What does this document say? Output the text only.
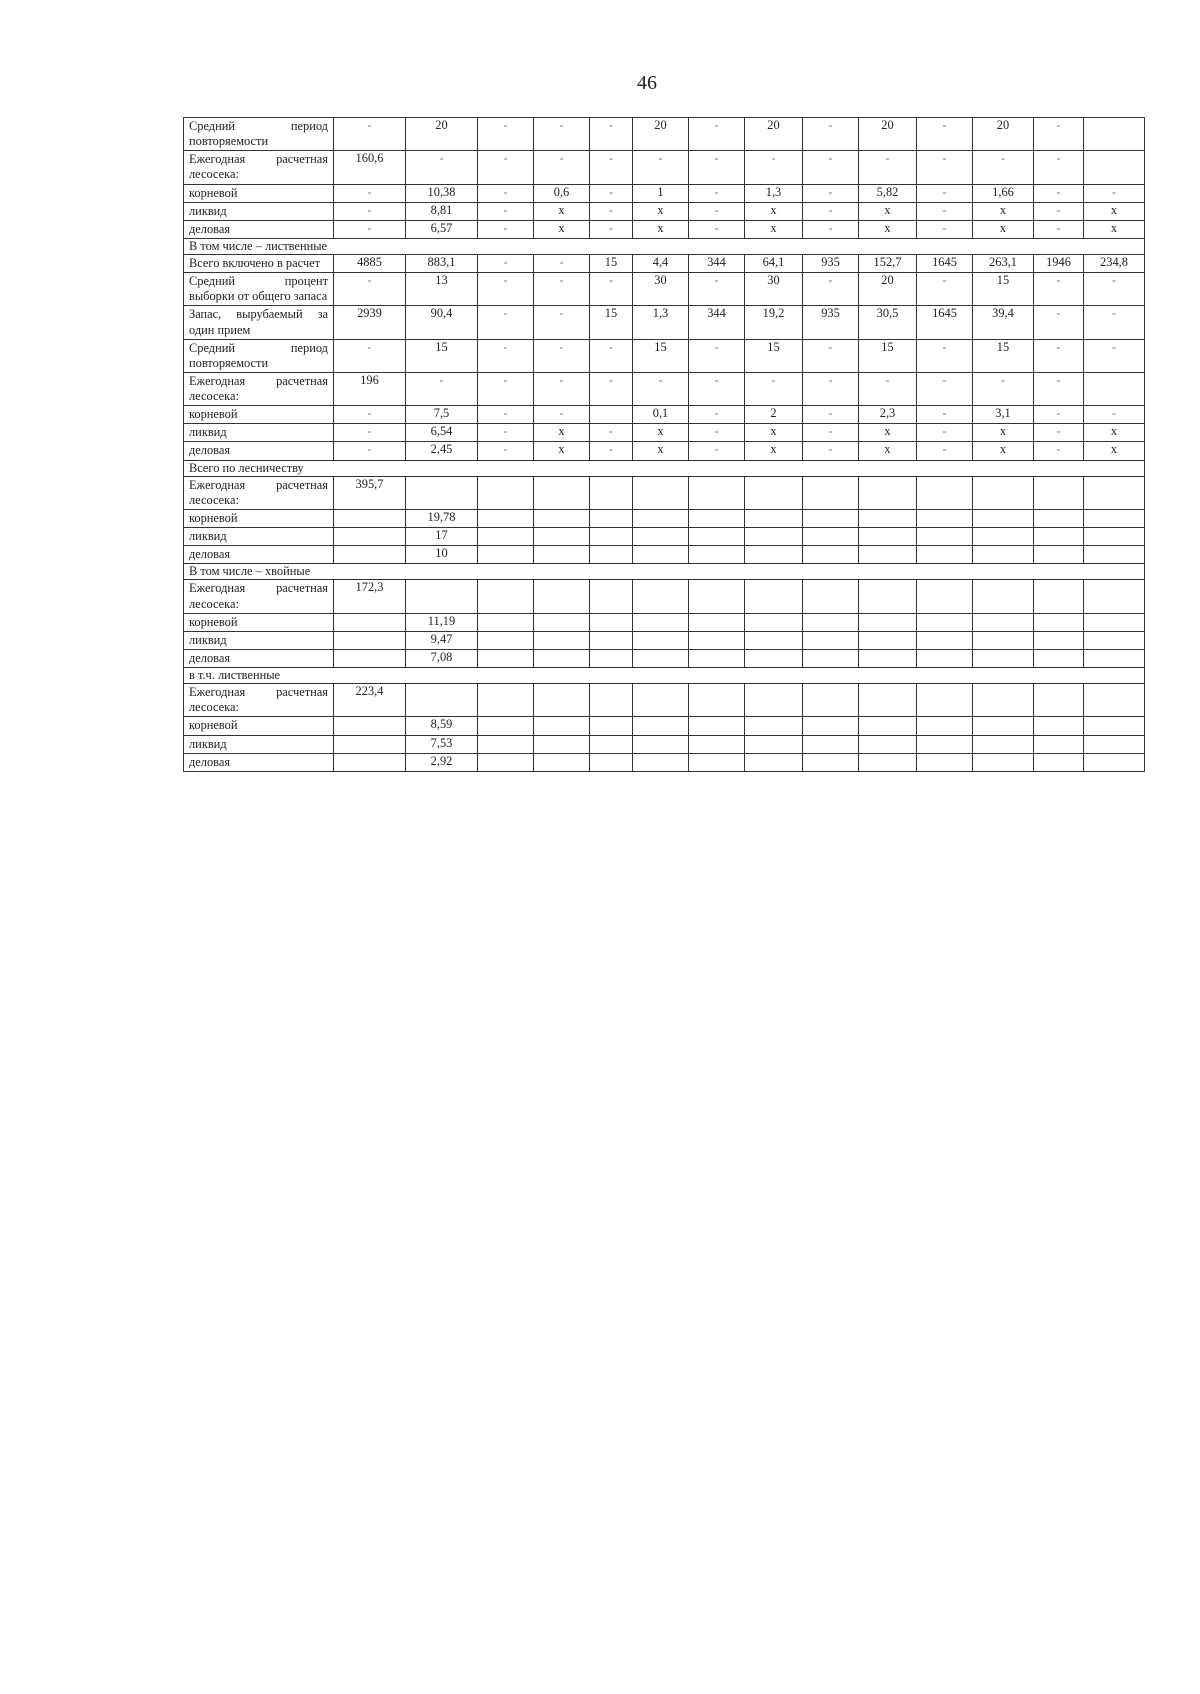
46
Средний период повторяемости	-	20	-	-	-	20	-	20	-	20	-	20	-	
Ежегодная расчетная лесосека:	160,6	-	-	-	-	-	-	-	-	-	-	-	-	
корневой	-	10,38	-	0,6	-	1	-	1,3	-	5,82	-	1,66	-	-
ликвид	-	8,81	-	x	-	x	-	x	-	x	-	x	-	x
деловая	-	6,57	-	x	-	x	-	x	-	x	-	x	-	x
В том числе – лиственные														
Всего включено в расчет	4885	883,1	-	-	15	4,4	344	64,1	935	152,7	1645	263,1	1946	234,8
Средний процент выборки от общего запаса	-	13	-	-	-	30	-	30	-	20	-	15	-	-
Запас, вырубаемый за один прием	2939	90,4	-	-	15	1,3	344	19,2	935	30,5	1645	39,4	-	-
Средний период повторяемости	-	15	-	-	-	15	-	15	-	15	-	15	-	-
Ежегодная расчетная лесосека:	196	-	-	-	-	-	-	-	-	-	-	-	-	
корневой	-	7,5	-	-		0,1	-	2	-	2,3	-	3,1	-	-
ликвид	-	6,54	-	x	-	x	-	x	-	x	-	x	-	x
деловая	-	2,45	-	x	-	x	-	x	-	x	-	x	-	x
Всего по лесничеству														
Ежегодная расчетная лесосека:	395,7													
корневой		19,78												
ликвид		17												
деловая		10												
В том числе – хвойные														
Ежегодная расчетная лесосека:	172,3													
корневой		11,19												
ликвид		9,47												
деловая		7,08												
в т.ч. лиственные														
Ежегодная расчетная лесосека:	223,4													
корневой		8,59												
ликвид		7,53												
деловая		2,92												
